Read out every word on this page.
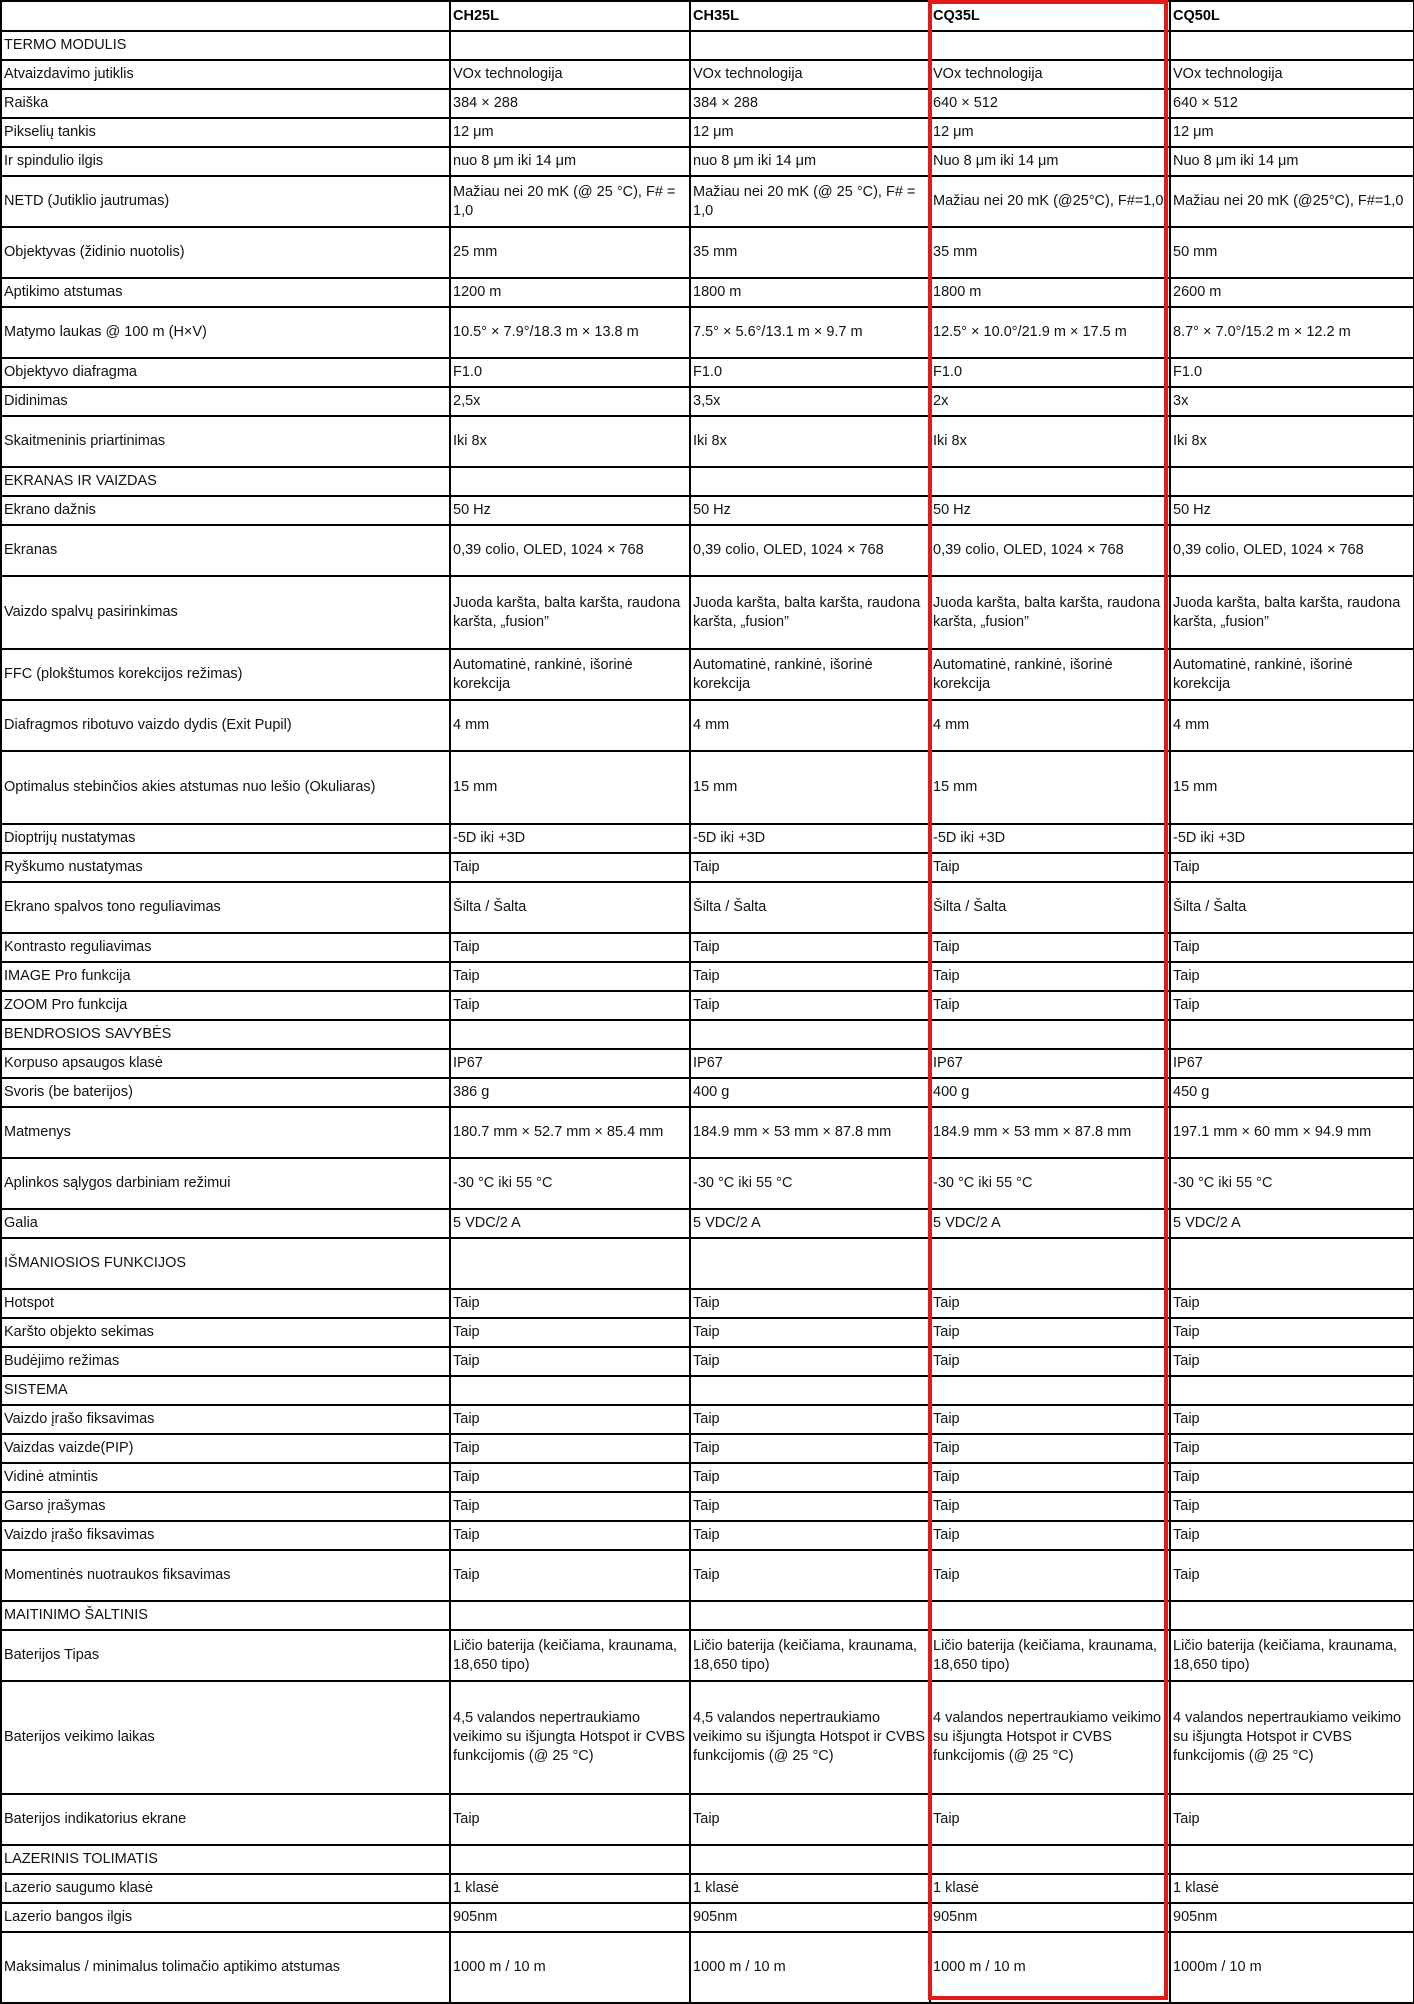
	CH25L	CH35L	CQ35L	CQ50L
TERMO MODULIS				
Atvaizdavimo jutiklis	VOx technologija	VOx technologija	VOx technologija	VOx technologija
Raiška	384 × 288	384 × 288	640 × 512	640 × 512
Pikselių tankis	12 μm	12 μm	12 μm	12 μm
Ir spindulio ilgis	nuo 8 μm iki 14 μm	nuo 8 μm iki 14 μm	Nuo 8 μm iki 14 μm	Nuo 8 μm iki 14 μm
NETD (Jutiklio jautrumas)	Mažiau nei 20 mK (@ 25 °C), F# = 1,0	Mažiau nei 20 mK (@ 25 °C), F# = 1,0	Mažiau nei 20 mK (@25°C), F#=1,0	Mažiau nei 20 mK (@25°C), F#=1,0
Objektyvas (židinio nuotolis)	25 mm	35 mm	35 mm	50 mm
Aptikimo atstumas	1200 m	1800 m	1800 m	2600 m
Matymo laukas @ 100 m (H×V)	10.5° × 7.9°/18.3 m × 13.8 m	7.5° × 5.6°/13.1 m × 9.7 m	12.5° × 10.0°/21.9 m × 17.5 m	8.7° × 7.0°/15.2 m × 12.2 m
Objektyvo diafragma	F1.0	F1.0	F1.0	F1.0
Didinimas	2,5x	3,5x	2x	3x
Skaitmeninis priartinimas	Iki 8x	Iki 8x	Iki 8x	Iki 8x
EKRANAS IR VAIZDAS				
Ekrano dažnis	50 Hz	50 Hz	50 Hz	50 Hz
Ekranas	0,39 colio, OLED, 1024 × 768	0,39 colio, OLED, 1024 × 768	0,39 colio, OLED, 1024 × 768	0,39 colio, OLED, 1024 × 768
Vaizdo spalvų pasirinkimas	Juoda karšta, balta karšta, raudona karšta, „fusion”	Juoda karšta, balta karšta, raudona karšta, „fusion”	Juoda karšta, balta karšta, raudona karšta, „fusion”	Juoda karšta, balta karšta, raudona karšta, „fusion”
FFC (plokštumos korekcijos režimas)	Automatinė, rankinė, išorinė korekcija	Automatinė, rankinė, išorinė korekcija	Automatinė, rankinė, išorinė korekcija	Automatinė, rankinė, išorinė korekcija
Diafragmos ribotuvo vaizdo dydis (Exit Pupil)	4 mm	4 mm	4 mm	4 mm
Optimalus stebinčios akies atstumas nuo lešio (Okuliaras)	15 mm	15 mm	15 mm	15 mm
Dioptrijų nustatymas	-5D iki +3D	-5D iki +3D	-5D iki +3D	-5D iki +3D
Ryškumo nustatymas	Taip	Taip	Taip	Taip
Ekrano spalvos tono reguliavimas	Šilta / Šalta	Šilta / Šalta	Šilta / Šalta	Šilta / Šalta
Kontrasto reguliavimas	Taip	Taip	Taip	Taip
IMAGE Pro funkcija	Taip	Taip	Taip	Taip
ZOOM Pro funkcija	Taip	Taip	Taip	Taip
BENDROSIOS SAVYBĖS				
Korpuso apsaugos klasė	IP67	IP67	IP67	IP67
Svoris (be baterijos)	386 g	400 g	400 g	450 g
Matmenys	180.7 mm × 52.7 mm × 85.4 mm	184.9 mm × 53 mm × 87.8 mm	184.9 mm × 53 mm × 87.8 mm	197.1 mm × 60 mm × 94.9 mm
Aplinkos sąlygos darbiniam režimui	-30 °C iki 55 °C	-30 °C iki 55 °C	-30 °C iki 55 °C	-30 °C iki 55 °C
Galia	5 VDC/2 A	5 VDC/2 A	5 VDC/2 A	5 VDC/2 A
IŠMANIOSIOS FUNKCIJOS				
Hotspot	Taip	Taip	Taip	Taip
Karšto objekto sekimas	Taip	Taip	Taip	Taip
Budėjimo režimas	Taip	Taip	Taip	Taip
SISTEMA				
Vaizdo įrašo fiksavimas	Taip	Taip	Taip	Taip
Vaizdas vaizde(PIP)	Taip	Taip	Taip	Taip
Vidinė atmintis	Taip	Taip	Taip	Taip
Garso įrašymas	Taip	Taip	Taip	Taip
Vaizdo įrašo fiksavimas	Taip	Taip	Taip	Taip
Momentinės nuotraukos fiksavimas	Taip	Taip	Taip	Taip
MAITINIMO ŠALTINIS				
Baterijos Tipas	Ličio baterija (keičiama, kraunama, 18,650 tipo)	Ličio baterija (keičiama, kraunama, 18,650 tipo)	Ličio baterija (keičiama, kraunama, 18,650 tipo)	Ličio baterija (keičiama, kraunama, 18,650 tipo)
Baterijos veikimo laikas	4,5 valandos nepertraukiamo veikimo su išjungta Hotspot ir CVBS funkcijomis (@ 25 °C)	4,5 valandos nepertraukiamo veikimo su išjungta Hotspot ir CVBS funkcijomis (@ 25 °C)	4 valandos nepertraukiamo veikimo su išjungta Hotspot ir CVBS funkcijomis (@ 25 °C)	4 valandos nepertraukiamo veikimo su išjungta Hotspot ir CVBS funkcijomis (@ 25 °C)
Baterijos indikatorius ekrane	Taip	Taip	Taip	Taip
LAZERINIS TOLIMATIS				
Lazerio saugumo klasė	1 klasė	1 klasė	1 klasė	1 klasė
Lazerio bangos ilgis	905nm	905nm	905nm	905nm
Maksimalus / minimalus tolimačio aptikimo atstumas	1000 m / 10 m	1000 m / 10 m	1000 m / 10 m	1000m / 10 m
